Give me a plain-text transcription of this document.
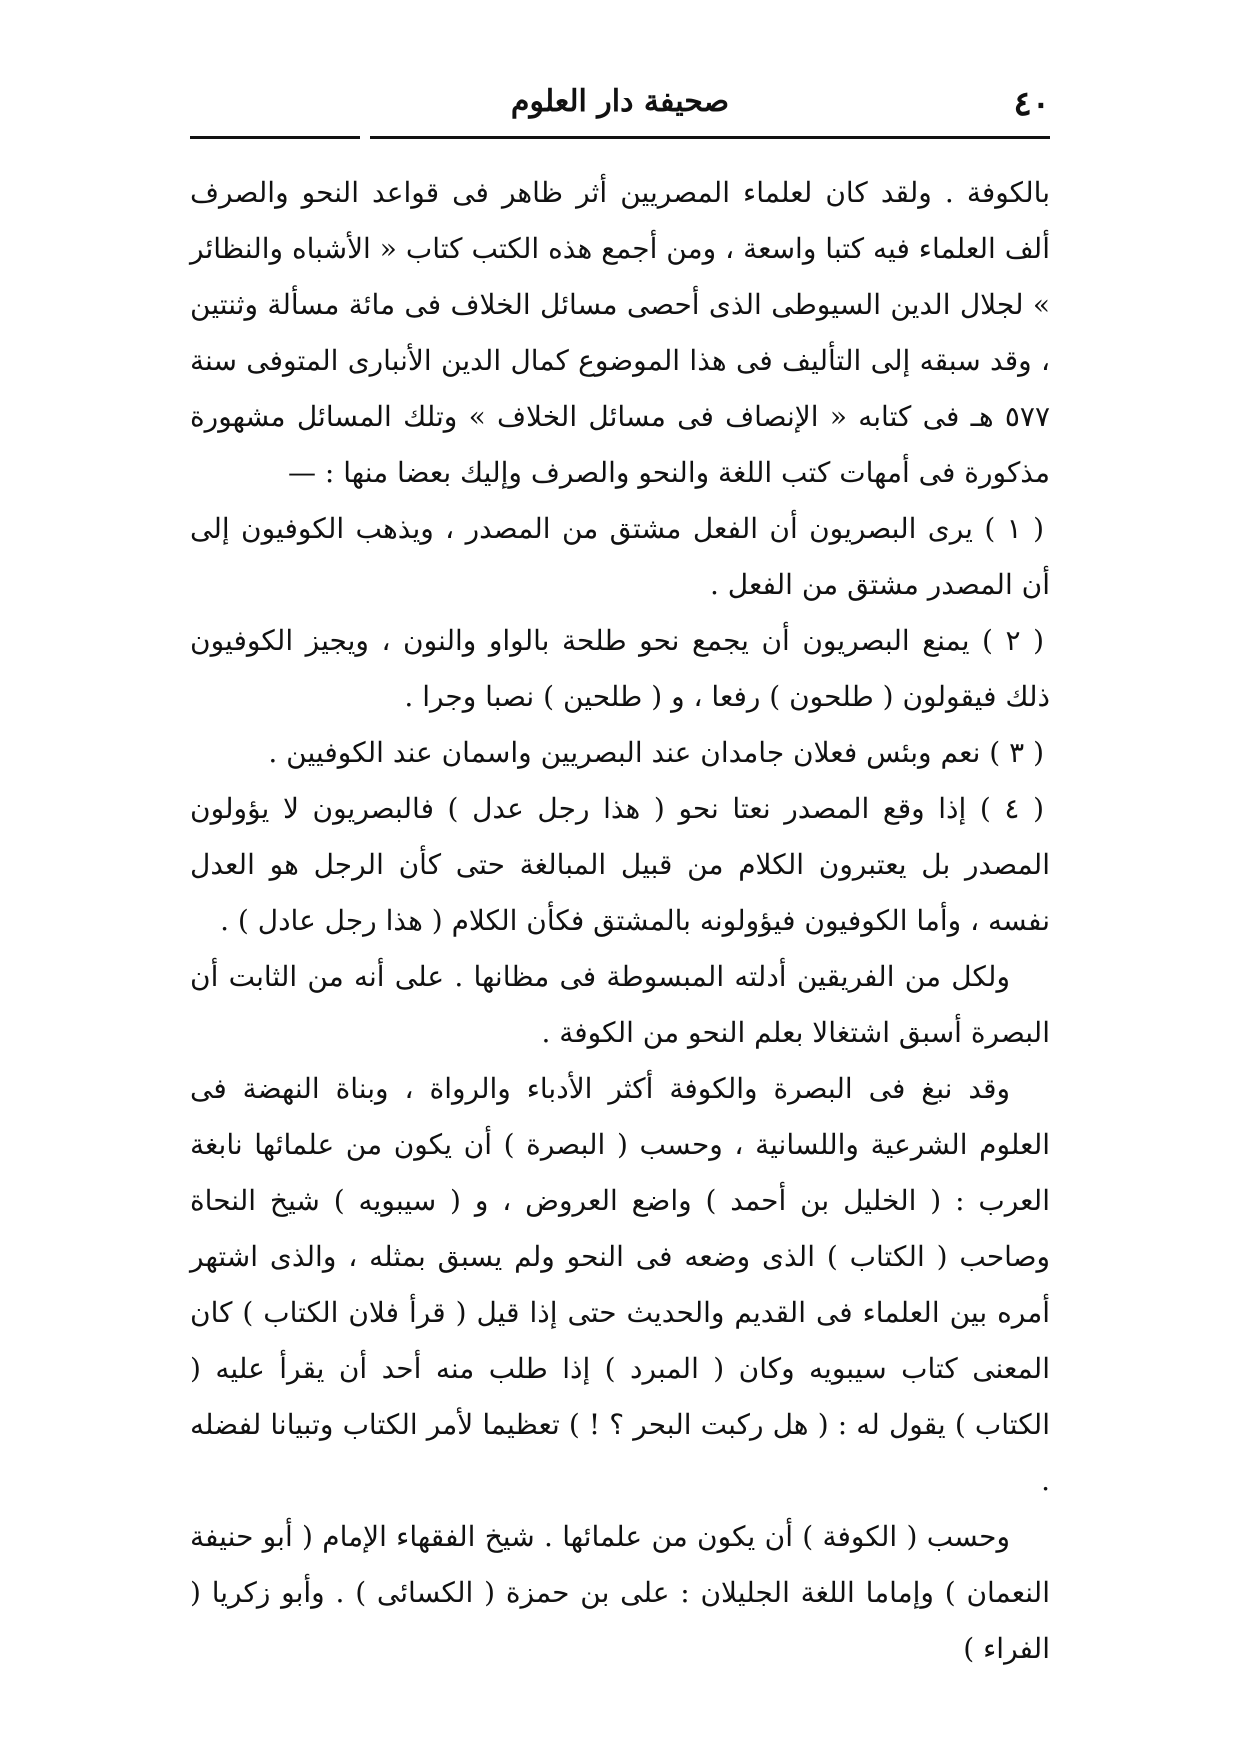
٤٠
صحيفة دار العلوم

بالكوفة . ولقد كان لعلماء المصريين أثر ظاهر فى قواعد النحو والصرف ألف العلماء فيه كتبا واسعة ، ومن أجمع هذه الكتب كتاب « الأشباه والنظائر » لجلال الدين السيوطى الذى أحصى مسائل الخلاف فى مائة مسألة وثنتين ، وقد سبقه إلى التأليف فى هذا الموضوع كمال الدين الأنبارى المتوفى سنة ٥٧٧ هـ فى كتابه « الإنصاف فى مسائل الخلاف » وتلك المسائل مشهورة مذكورة فى أمهات كتب اللغة والنحو والصرف وإليك بعضا منها : —

( ١ ) يرى البصريون أن الفعل مشتق من المصدر ، ويذهب الكوفيون إلى أن المصدر مشتق من الفعل .

( ٢ ) يمنع البصريون أن يجمع نحو طلحة بالواو والنون ، ويجيز الكوفيون ذلك فيقولون ( طلحون ) رفعا ، و ( طلحين ) نصبا وجرا .

( ٣ ) نعم وبئس فعلان جامدان عند البصريين واسمان عند الكوفيين .

( ٤ ) إذا وقع المصدر نعتا نحو ( هذا رجل عدل ) فالبصريون لا يؤولون المصدر بل يعتبرون الكلام من قبيل المبالغة حتى كأن الرجل هو العدل نفسه ، وأما الكوفيون فيؤولونه بالمشتق فكأن الكلام ( هذا رجل عادل ) .

ولكل من الفريقين أدلته المبسوطة فى مظانها . على أنه من الثابت أن البصرة أسبق اشتغالا بعلم النحو من الكوفة .

وقد نبغ فى البصرة والكوفة أكثر الأدباء والرواة ، وبناة النهضة فى العلوم الشرعية واللسانية ، وحسب ( البصرة ) أن يكون من علمائها نابغة العرب : ( الخليل بن أحمد ) واضع العروض ، و ( سيبويه ) شيخ النحاة وصاحب ( الكتاب ) الذى وضعه فى النحو ولم يسبق بمثله ، والذى اشتهر أمره بين العلماء فى القديم والحديث حتى إذا قيل ( قرأ فلان الكتاب ) كان المعنى كتاب سيبويه وكان ( المبرد ) إذا طلب منه أحد أن يقرأ عليه ( الكتاب ) يقول له : ( هل ركبت البحر ؟ ! ) تعظيما لأمر الكتاب وتبيانا لفضله .

وحسب ( الكوفة ) أن يكون من علمائها . شيخ الفقهاء الإمام ( أبو حنيفة النعمان ) وإماما اللغة الجليلان : على بن حمزة ( الكسائى ) . وأبو زكريا ( الفراء )
